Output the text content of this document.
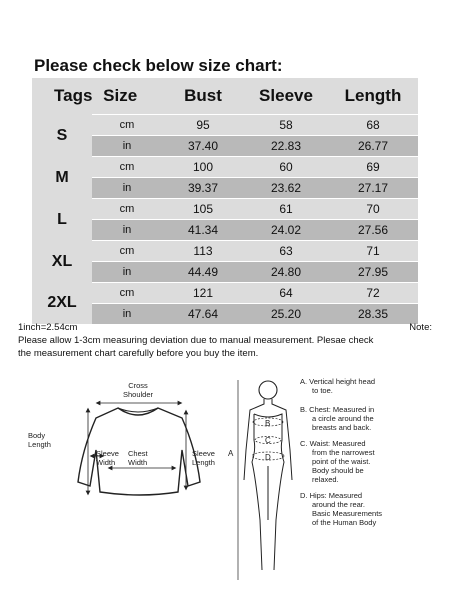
Please check below size chart:
Tags Size		Bust	Sleeve	Length
S	cm	95	58	68
	in	37.40	22.83	26.77
M	cm	100	60	69
	in	39.37	23.62	27.17
L	cm	105	61	70
	in	41.34	24.02	27.56
XL	cm	113	63	71
	in	44.49	24.80	27.95
2XL	cm	121	64	72
	in	47.64	25.20	28.35
1inch=2.54cm	Note:
Please allow 1-3cm measuring deviation due to manual measurement. Plesae check
the measurement chart carefully before you buy the item.
Cross
Shoulder
Body
Length
Sleeve
Width
Chest
Width
Sleeve
Length
A
B
C
D
A. Vertical height head
to toe.
B. Chest: Measured in
a circle around the
breasts and back.
C. Waist: Measured
from the narrowest
point of the waist.
Body should be
relaxed.
D. Hips: Measured
around the rear.
Basic Measurements
of the Human Body
